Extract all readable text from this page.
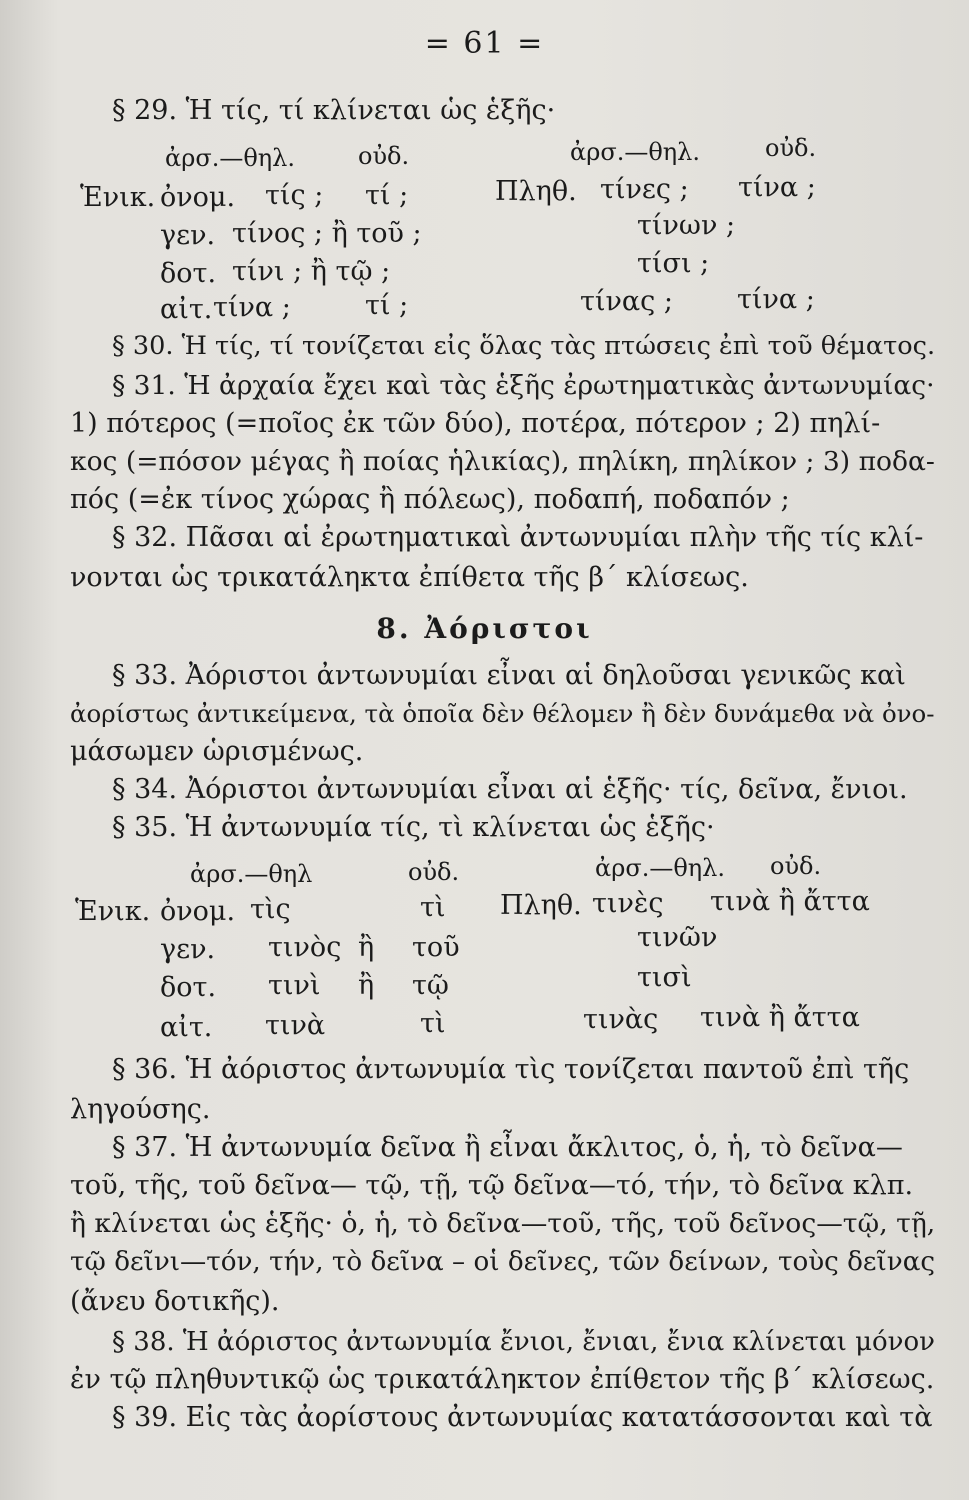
= 61 =
§ 29. Ἡ τίς, τί κλίνεται ὡς ἑξῆς·
ἀρσ.—θηλ.	οὐδ.	ἀρσ.—θηλ.	οὐδ.
Ἑνικ. ὀνομ. τίς ; τί ;	Πληθ. τίνες ; τίνα ;
γεν. τίνος ; ἢ τοῦ ;	τίνων ;
δοτ. τίνι ; ἢ τῷ ;	τίσι ;
αἰτ. τίνα ;	τί ;	τίνας ; τίνα ;
§ 30. Ἡ τίς, τί τονίζεται εἰς ὅλας τὰς πτώσεις ἐπὶ τοῦ θέματος.
§ 31. Ἡ ἀρχαία ἔχει καὶ τὰς ἑξῆς ἐρωτηματικὰς ἀντωνυμίας·
1) πότερος (=ποῖος ἐκ τῶν δύο), ποτέρα, πότερον ; 2) πηλί-
κος (=πόσον μέγας ἢ ποίας ἡλικίας), πηλίκη, πηλίκον ; 3) ποδα-
πός (=ἐκ τίνος χώρας ἢ πόλεως), ποδαπή, ποδαπόν ;
§ 32. Πᾶσαι αἱ ἐρωτηματικαὶ ἀντωνυμίαι πλὴν τῆς τίς κλί-
νονται ὡς τρικατάληκτα ἐπίθετα τῆς β΄ κλίσεως.
8. Ἀόριστοι
§ 33. Ἀόριστοι ἀντωνυμίαι εἶναι αἱ δηλοῦσαι γενικῶς καὶ
ἀορίστως ἀντικείμενα, τὰ ὁποῖα δὲν θέλομεν ἢ δὲν δυνάμεθα νὰ ὀνο-
μάσωμεν ὡρισμένως.
§ 34. Ἀόριστοι ἀντωνυμίαι εἶναι αἱ ἑξῆς· τίς, δεῖνα, ἔνιοι.
§ 35. Ἡ ἀντωνυμία τίς, τὶ κλίνεται ὡς ἑξῆς·
ἀρσ.—θηλ	οὐδ.	ἀρσ.—θηλ. οὐδ.
Ἑνικ. ὀνομ. τὶς	τὶ Πληθ. τινὲς τινὰ ἢ ἄττα
γεν. τινὸς ἢ τοῦ	τινῶν
δοτ. τινὶ ἢ τῷ	τισὶ
αἰτ. τινὰ	τὶ	τινὰς τινὰ ἢ ἄττα
§ 36. Ἡ ἀόριστος ἀντωνυμία τὶς τονίζεται παντοῦ ἐπὶ τῆς
ληγούσης.
§ 37. Ἡ ἀντωνυμία δεῖνα ἢ εἶναι ἄκλιτος, ὁ, ἡ, τὸ δεῖνα—
τοῦ, τῆς, τοῦ δεῖνα— τῷ, τῇ, τῷ δεῖνα—τό, τήν, τὸ δεῖνα κλπ.
ἢ κλίνεται ὡς ἑξῆς· ὁ, ἡ, τὸ δεῖνα—τοῦ, τῆς, τοῦ δεῖνος—τῷ, τῇ,
τῷ δεῖνι—τόν, τήν, τὸ δεῖνα – οἱ δεῖνες, τῶν δείνων, τοὺς δεῖνας
(ἄνευ δοτικῆς).
§ 38. Ἡ ἀόριστος ἀντωνυμία ἔνιοι, ἔνιαι, ἔνια κλίνεται μόνον
ἐν τῷ πληθυντικῷ ὡς τρικατάληκτον ἐπίθετον τῆς β΄ κλίσεως.
§ 39. Εἰς τὰς ἀορίστους ἀντωνυμίας κατατάσσονται καὶ τὰ
